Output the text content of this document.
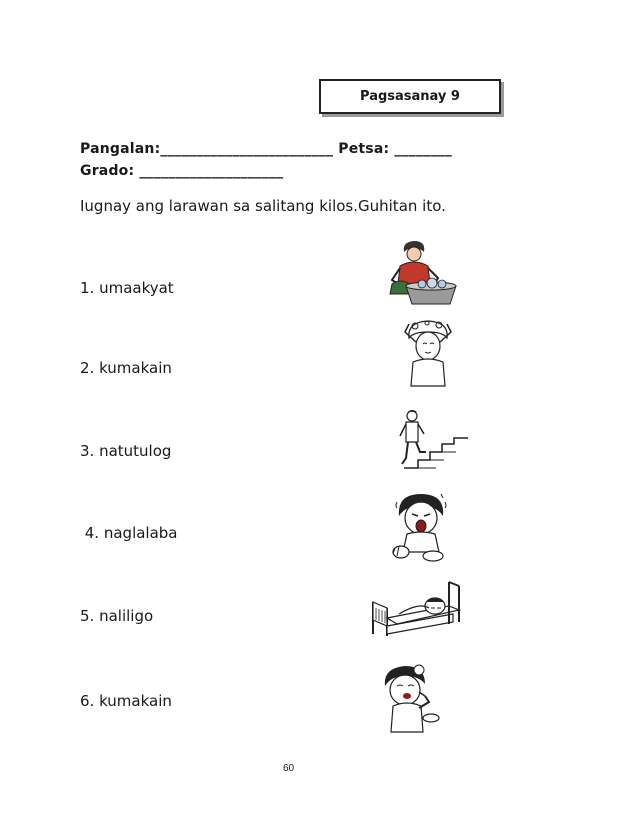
Pagsasanay 9
Pangalan:________________________ Petsa: ________
Grado: ____________________
Iugnay ang larawan sa salitang kilos.Guhitan ito.
1. umaakyat
2. kumakain
3. natutulog
4. naglalaba
5. naliligo
6. kumakain
60
